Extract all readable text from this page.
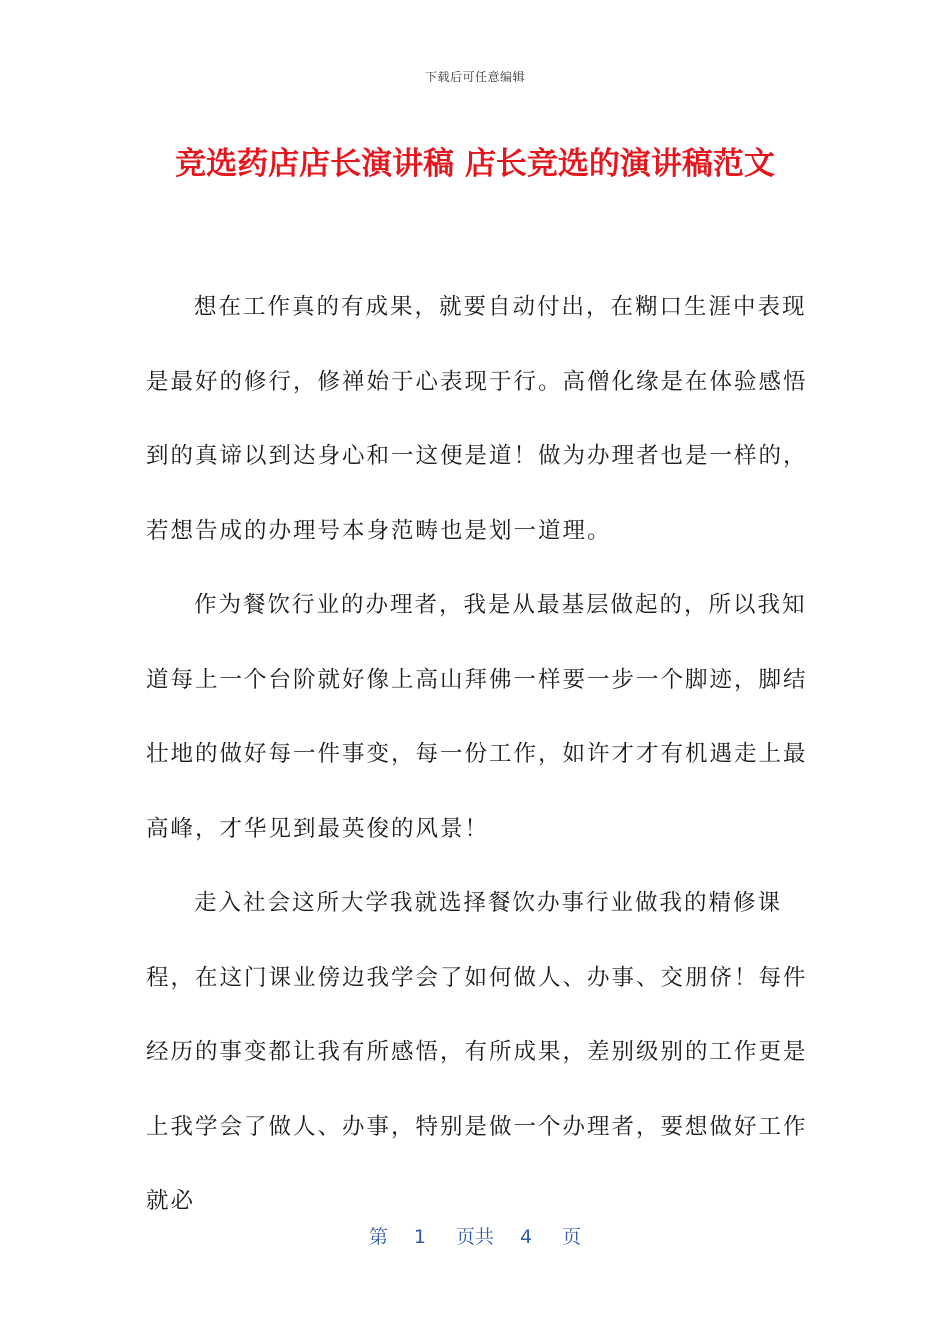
下载后可任意编辑
竞选药店店长演讲稿 店长竞选的演讲稿范文

想在工作真的有成果，就要自动付出，在糊口生涯中表现是最好的修行，修禅始于心表现于行。高僧化缘是在体验感悟到的真谛以到达身心和一这便是道！做为办理者也是一样的，若想告成的办理号本身范畴也是划一道理。

作为餐饮行业的办理者，我是从最基层做起的，所以我知道每上一个台阶就好像上高山拜佛一样要一步一个脚迹，脚结壮地的做好每一件事变，每一份工作，如许才才有机遇走上最高峰，才华见到最英俊的风景！

走入社会这所大学我就选择餐饮办事行业做我的精修课程，在这门课业傍边我学会了如何做人、办事、交朋侪！每件经历的事变都让我有所感悟，有所成果，差别级别的工作更是上我学会了做人、办事，特别是做一个办理者，要想做好工作就必

第 1 页共 4 页
